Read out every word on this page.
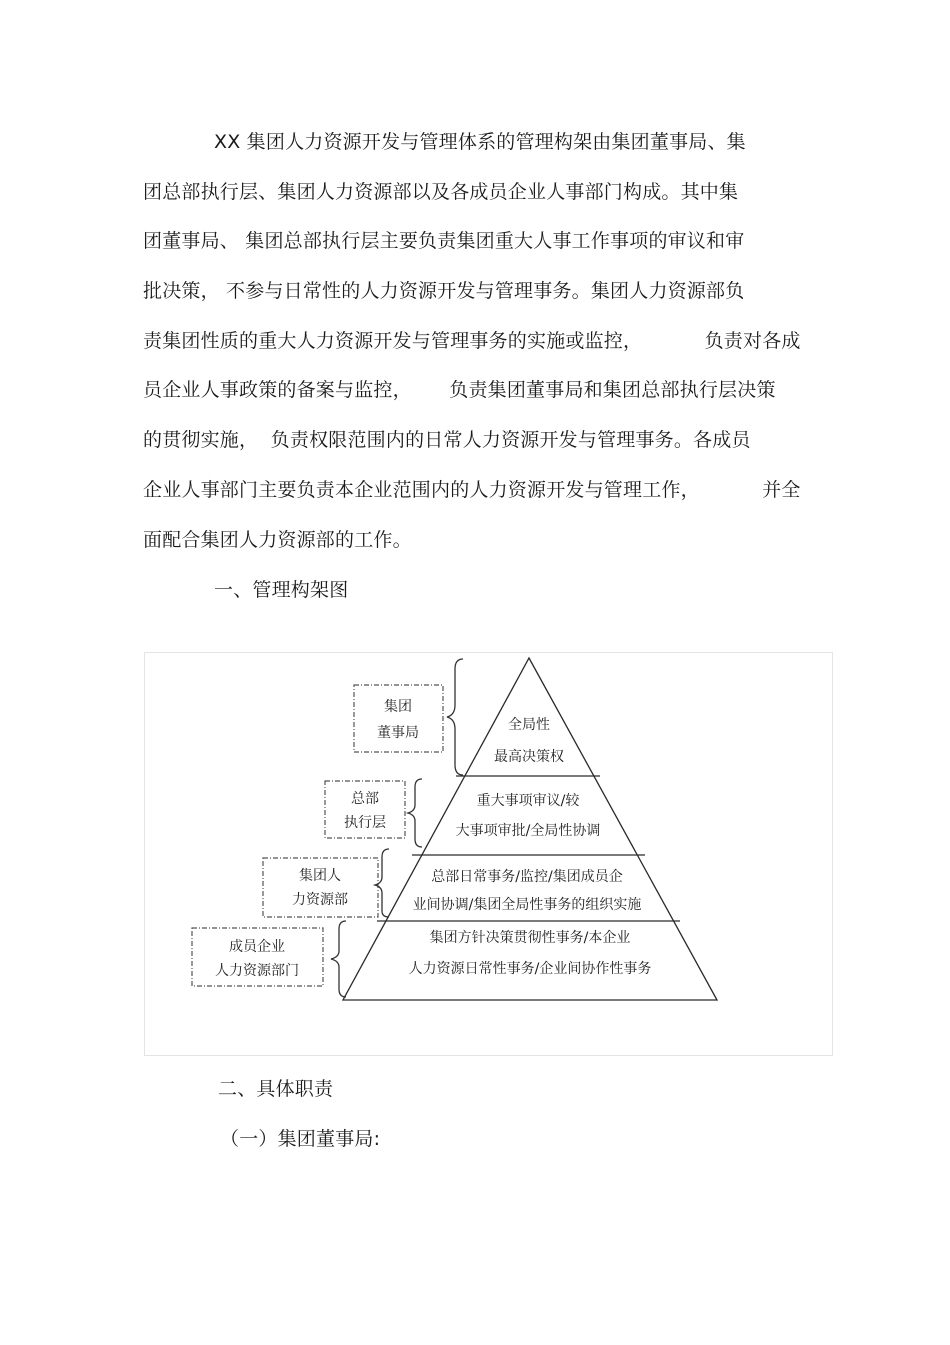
XX 集团人力资源开发与管理体系的管理构架由集团董事局、集
团总部执行层、集团人力资源部以及各成员企业人事部门构成。其中集
团董事局、 集团总部执行层主要负责集团重大人事工作事项的审议和审
批决策， 不参与日常性的人力资源开发与管理事务。集团人力资源部负
责集团性质的重大人力资源开发与管理事务的实施或监控，          负责对各成
员企业人事政策的备案与监控，      负责集团董事局和集团总部执行层决策
的贯彻实施，  负责权限范围内的日常人力资源开发与管理事务。各成员
企业人事部门主要负责本企业范围内的人力资源开发与管理工作，          并全
面配合集团人力资源部的工作。
一、管理构架图
全局性
最高决策权
重大事项审议/较
大事项审批/全局性协调
总部日常事务/监控/集团成员企
业间协调/集团全局性事务的组织实施
集团方针决策贯彻性事务/本企业
人力资源日常性事务/企业间协作性事务
集团
董事局
总部
执行层
集团人
力资源部
成员企业
人力资源部门
二、具体职责
（一）集团董事局:
